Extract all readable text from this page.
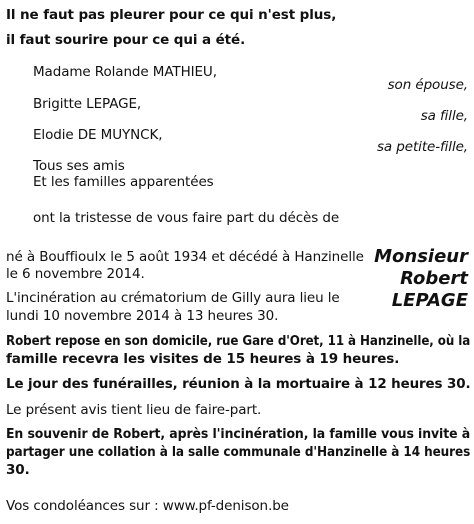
Il ne faut pas pleurer pour ce qui n'est plus,
il faut sourire pour ce qui a été.
Madame Rolande MATHIEU,
son épouse,
Brigitte LEPAGE,
sa fille,
Elodie DE MUYNCK,
sa petite-fille,
Tous ses amis
Et les familles apparentées
ont la tristesse de vous faire part du décès de
Monsieur
Robert
LEPAGE
né à Bouffioulx le 5 août 1934 et décédé à Hanzinelle
le 6 novembre 2014.
L'incinération au crématorium de Gilly aura lieu le
lundi 10 novembre 2014 à 13 heures 30.
Robert repose en son domicile, rue Gare d'Oret, 11 à Hanzinelle, où la
famille recevra les visites de 15 heures à 19 heures.
Le jour des funérailles, réunion à la mortuaire à 12 heures 30.
Le présent avis tient lieu de faire-part.
En souvenir de Robert, après l'incinération, la famille vous invite à
partager une collation à la salle communale d'Hanzinelle à 14 heures
30.
Vos condoléances sur : www.pf-denison.be
